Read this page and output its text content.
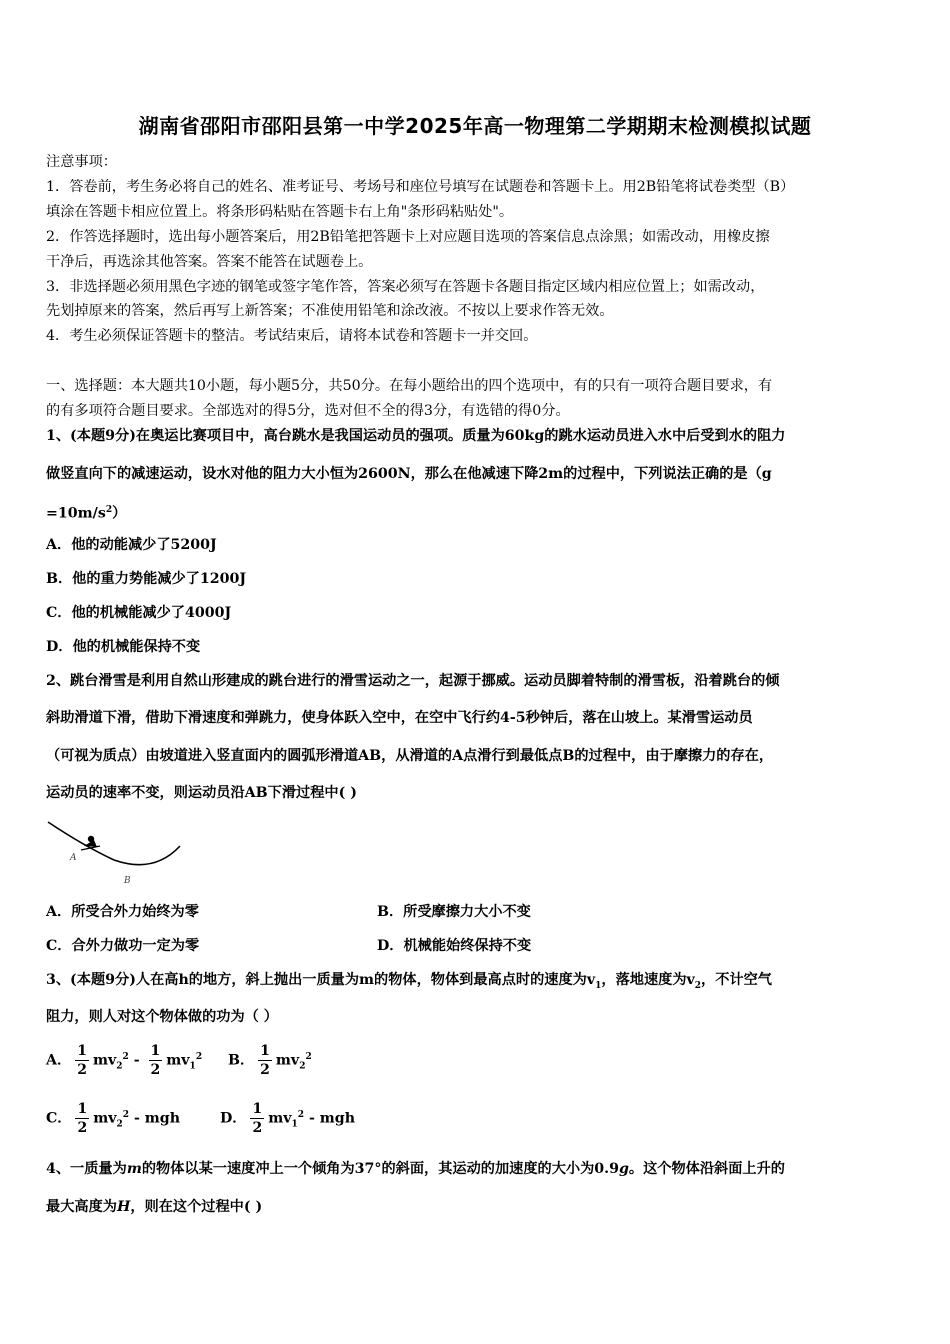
湖南省邵阳市邵阳县第一中学2025年高一物理第二学期期末检测模拟试题
注意事项：
1．答卷前，考生务必将自己的姓名、准考证号、考场号和座位号填写在试题卷和答题卡上。用2B铅笔将试卷类型（B）
填涂在答题卡相应位置上。将条形码粘贴在答题卡右上角"条形码粘贴处"。
2．作答选择题时，选出每小题答案后，用2B铅笔把答题卡上对应题目选项的答案信息点涂黑；如需改动，用橡皮擦
干净后，再选涂其他答案。答案不能答在试题卷上。
3．非选择题必须用黑色字迹的钢笔或签字笔作答，答案必须写在答题卡各题目指定区域内相应位置上；如需改动，
先划掉原来的答案，然后再写上新答案；不准使用铅笔和涂改液。不按以上要求作答无效。
4．考生必须保证答题卡的整洁。考试结束后，请将本试卷和答题卡一并交回。
一、选择题：本大题共10小题，每小题5分，共50分。在每小题给出的四个选项中，有的只有一项符合题目要求，有
的有多项符合题目要求。全部选对的得5分，选对但不全的得3分，有选错的得0分。
1、(本题9分)在奥运比赛项目中，高台跳水是我国运动员的强项。质量为60kg的跳水运动员进入水中后受到水的阻力
做竖直向下的减速运动，设水对他的阻力大小恒为2600N，那么在他减速下降2m的过程中，下列说法正确的是（g
$=10m/s^2$）
A．他的动能减少了5200J
B．他的重力势能减少了1200J
C．他的机械能减少了4000J
D．他的机械能保持不变
2、跳台滑雪是利用自然山形建成的跳台进行的滑雪运动之一，起源于挪威。运动员脚着特制的滑雪板，沿着跳台的倾
斜助滑道下滑，借助下滑速度和弹跳力，使身体跃入空中，在空中飞行约4-5秒钟后，落在山坡上。某滑雪运动员
（可视为质点）由坡道进入竖直面内的圆弧形滑道AB，从滑道的A点滑行到最低点B的过程中，由于摩擦力的存在，
运动员的速率不变，则运动员沿AB下滑过程中( )
A
B
A．所受合外力始终为零	B．所受摩擦力大小不变
C．合外力做功一定为零	D．机械能始终保持不变
3、(本题9分)人在高h的地方，斜上抛出一质量为m的物体，物体到最高点时的速度为$v_1$，落地速度为$v_2$，不计空气
阻力，则人对这个物体做的功为（ ）
A． $\frac{1}{2} mv_2^2 - \frac{1}{2} mv_1^2$ B． $\frac{1}{2} mv_2^2$
C． $\frac{1}{2} mv_2^2$ - mgh	D． $\frac{1}{2} mv_1^2$ - mgh
4、一质量为m的物体以某一速度冲上一个倾角为37°的斜面，其运动的加速度的大小为0.9g。这个物体沿斜面上升的
最大高度为H，则在这个过程中( )
